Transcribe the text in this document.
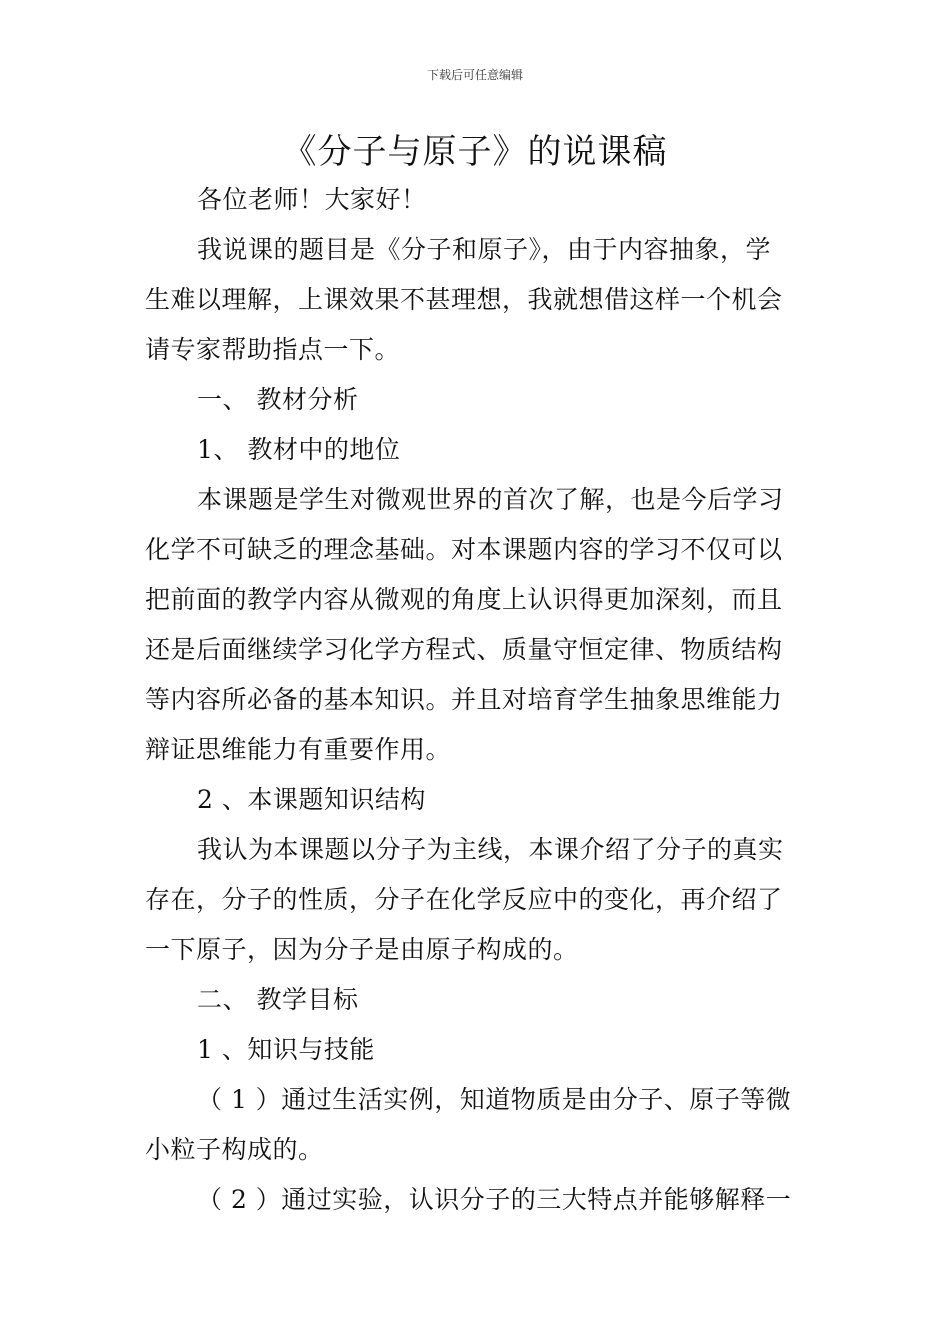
下载后可任意编辑
《分子与原子》的说课稿
各位老师！大家好！
我说课的题目是《分子和原子》，由于内容抽象，学
生难以理解，上课效果不甚理想，我就想借这样一个机会
请专家帮助指点一下。
一、 教材分析
1、 教材中的地位
本课题是学生对微观世界的首次了解，也是今后学习
化学不可缺乏的理念基础。对本课题内容的学习不仅可以
把前面的教学内容从微观的角度上认识得更加深刻，而且
还是后面继续学习化学方程式、质量守恒定律、物质结构
等内容所必备的基本知识。并且对培育学生抽象思维能力
辩证思维能力有重要作用。
2 、本课题知识结构
我认为本课题以分子为主线，本课介绍了分子的真实
存在，分子的性质，分子在化学反应中的变化，再介绍了
一下原子，因为分子是由原子构成的。
二、 教学目标
1 、知识与技能
（ 1 ）通过生活实例，知道物质是由分子、原子等微
小粒子构成的。
（ 2 ）通过实验，认识分子的三大特点并能够解释一
